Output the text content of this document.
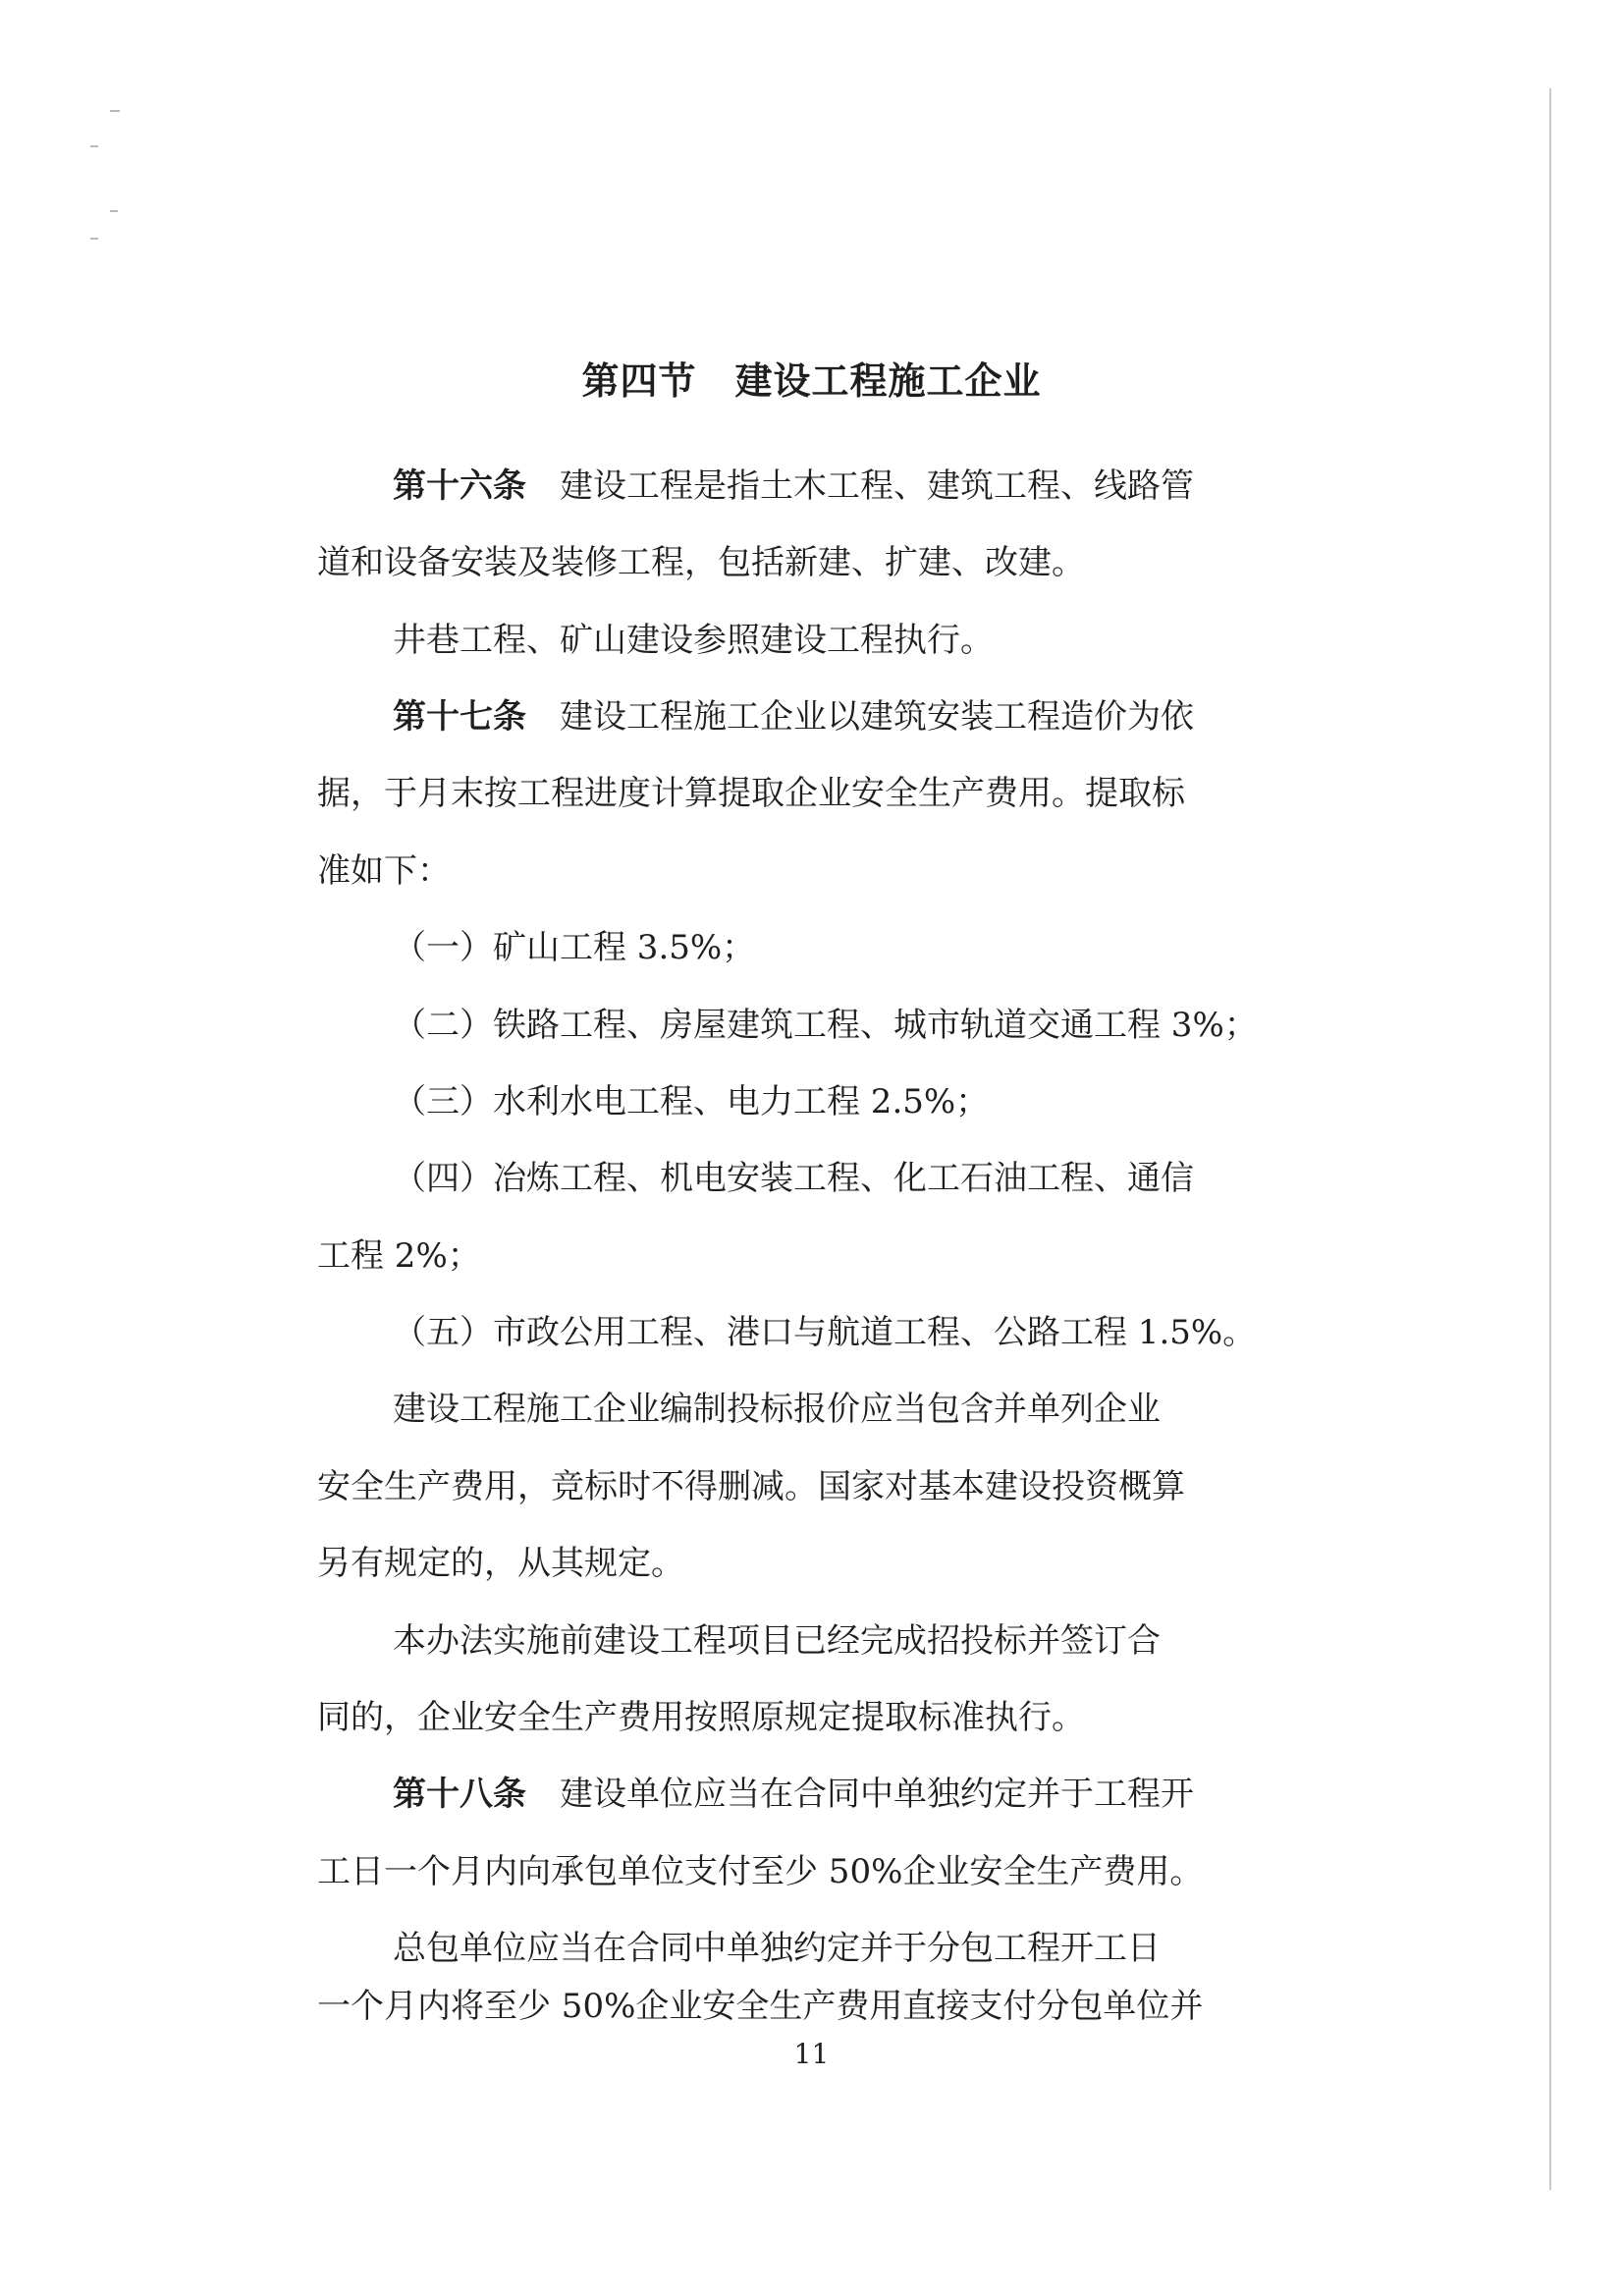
第四节　建设工程施工企业

第十六条　 建设工程是指土木工程、建筑工程、线路管

道和设备安装及装修工程，包括新建、扩建、改建。

井巷工程、矿山建设参照建设工程执行。

第十七条　 建设工程施工企业以建筑安装工程造价为依

据，于月末按工程进度计算提取企业安全生产费用。提取标

准如下：

（一）矿山工程 3.5%；

（二）铁路工程、房屋建筑工程、城市轨道交通工程 3%；

（三）水利水电工程、电力工程 2.5%；

（四）冶炼工程、机电安装工程、化工石油工程、通信

工程 2%；

（五）市政公用工程、港口与航道工程、公路工程 1.5%。

建设工程施工企业编制投标报价应当包含并单列企业

安全生产费用，竞标时不得删减。国家对基本建设投资概算

另有规定的，从其规定。

本办法实施前建设工程项目已经完成招投标并签订合

同的，企业安全生产费用按照原规定提取标准执行。

第十八条　 建设单位应当在合同中单独约定并于工程开

工日一个月内向承包单位支付至少 50%企业安全生产费用。

总包单位应当在合同中单独约定并于分包工程开工日

一个月内将至少 50%企业安全生产费用直接支付分包单位并

11
